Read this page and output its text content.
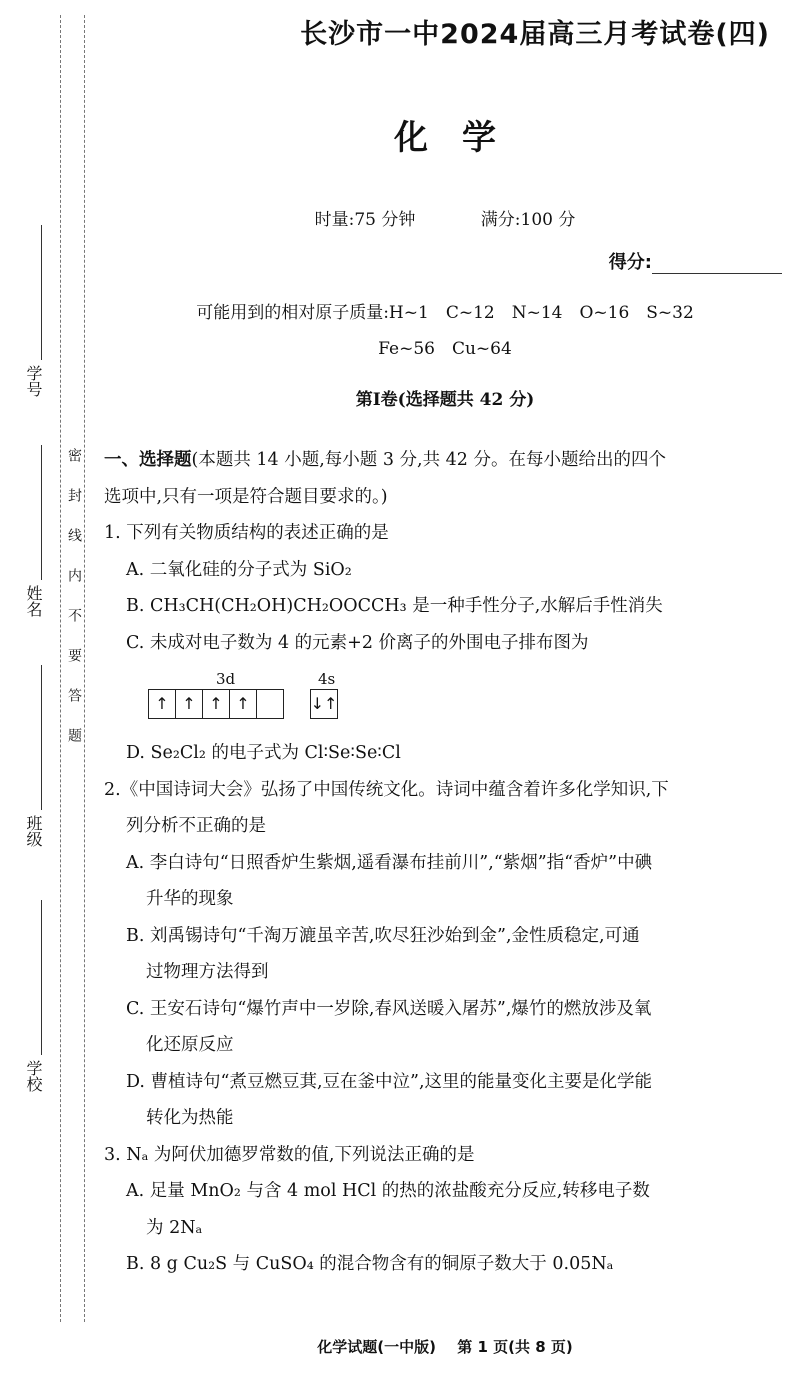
学号
姓名
班级
学校
密封线内不要答题
长沙市一中2024届高三月考试卷(四)
化学
时量:75 分钟	满分:100 分
得分:
可能用到的相对原子质量:H~1　C~12　N~14　O~16　S~32
Fe~56　Cu~64
第Ⅰ卷(选择题共 42 分)

一、选择题(本题共 14 小题,每小题 3 分,共 42 分。在每小题给出的四个

选项中,只有一项是符合题目要求的。)

1. 下列有关物质结构的表述正确的是

A. 二氧化硅的分子式为 SiO₂

B. CH₃CH(CH₂OH)CH₂OOCCH₃ 是一种手性分子,水解后手性消失

C. 未成对电子数为 4 的元素+2 价离子的外围电子排布图为

3d	4s
↑ ↑ ↑ ↑	↓↑

D. Se₂Cl₂ 的电子式为 Cl∶Se∶Se∶Cl

2.《中国诗词大会》弘扬了中国传统文化。诗词中蕴含着许多化学知识,下

列分析不正确的是

A. 李白诗句“日照香炉生紫烟,遥看瀑布挂前川”,“紫烟”指“香炉”中碘

升华的现象

B. 刘禹锡诗句“千淘万漉虽辛苦,吹尽狂沙始到金”,金性质稳定,可通

过物理方法得到

C. 王安石诗句“爆竹声中一岁除,春风送暖入屠苏”,爆竹的燃放涉及氧

化还原反应

D. 曹植诗句“煮豆燃豆萁,豆在釜中泣”,这里的能量变化主要是化学能

转化为热能

3. Nₐ 为阿伏加德罗常数的值,下列说法正确的是

A. 足量 MnO₂ 与含 4 mol HCl 的热的浓盐酸充分反应,转移电子数

为 2Nₐ

B. 8 g Cu₂S 与 CuSO₄ 的混合物含有的铜原子数大于 0.05Nₐ

化学试题(一中版) 第 1 页(共 8 页)
